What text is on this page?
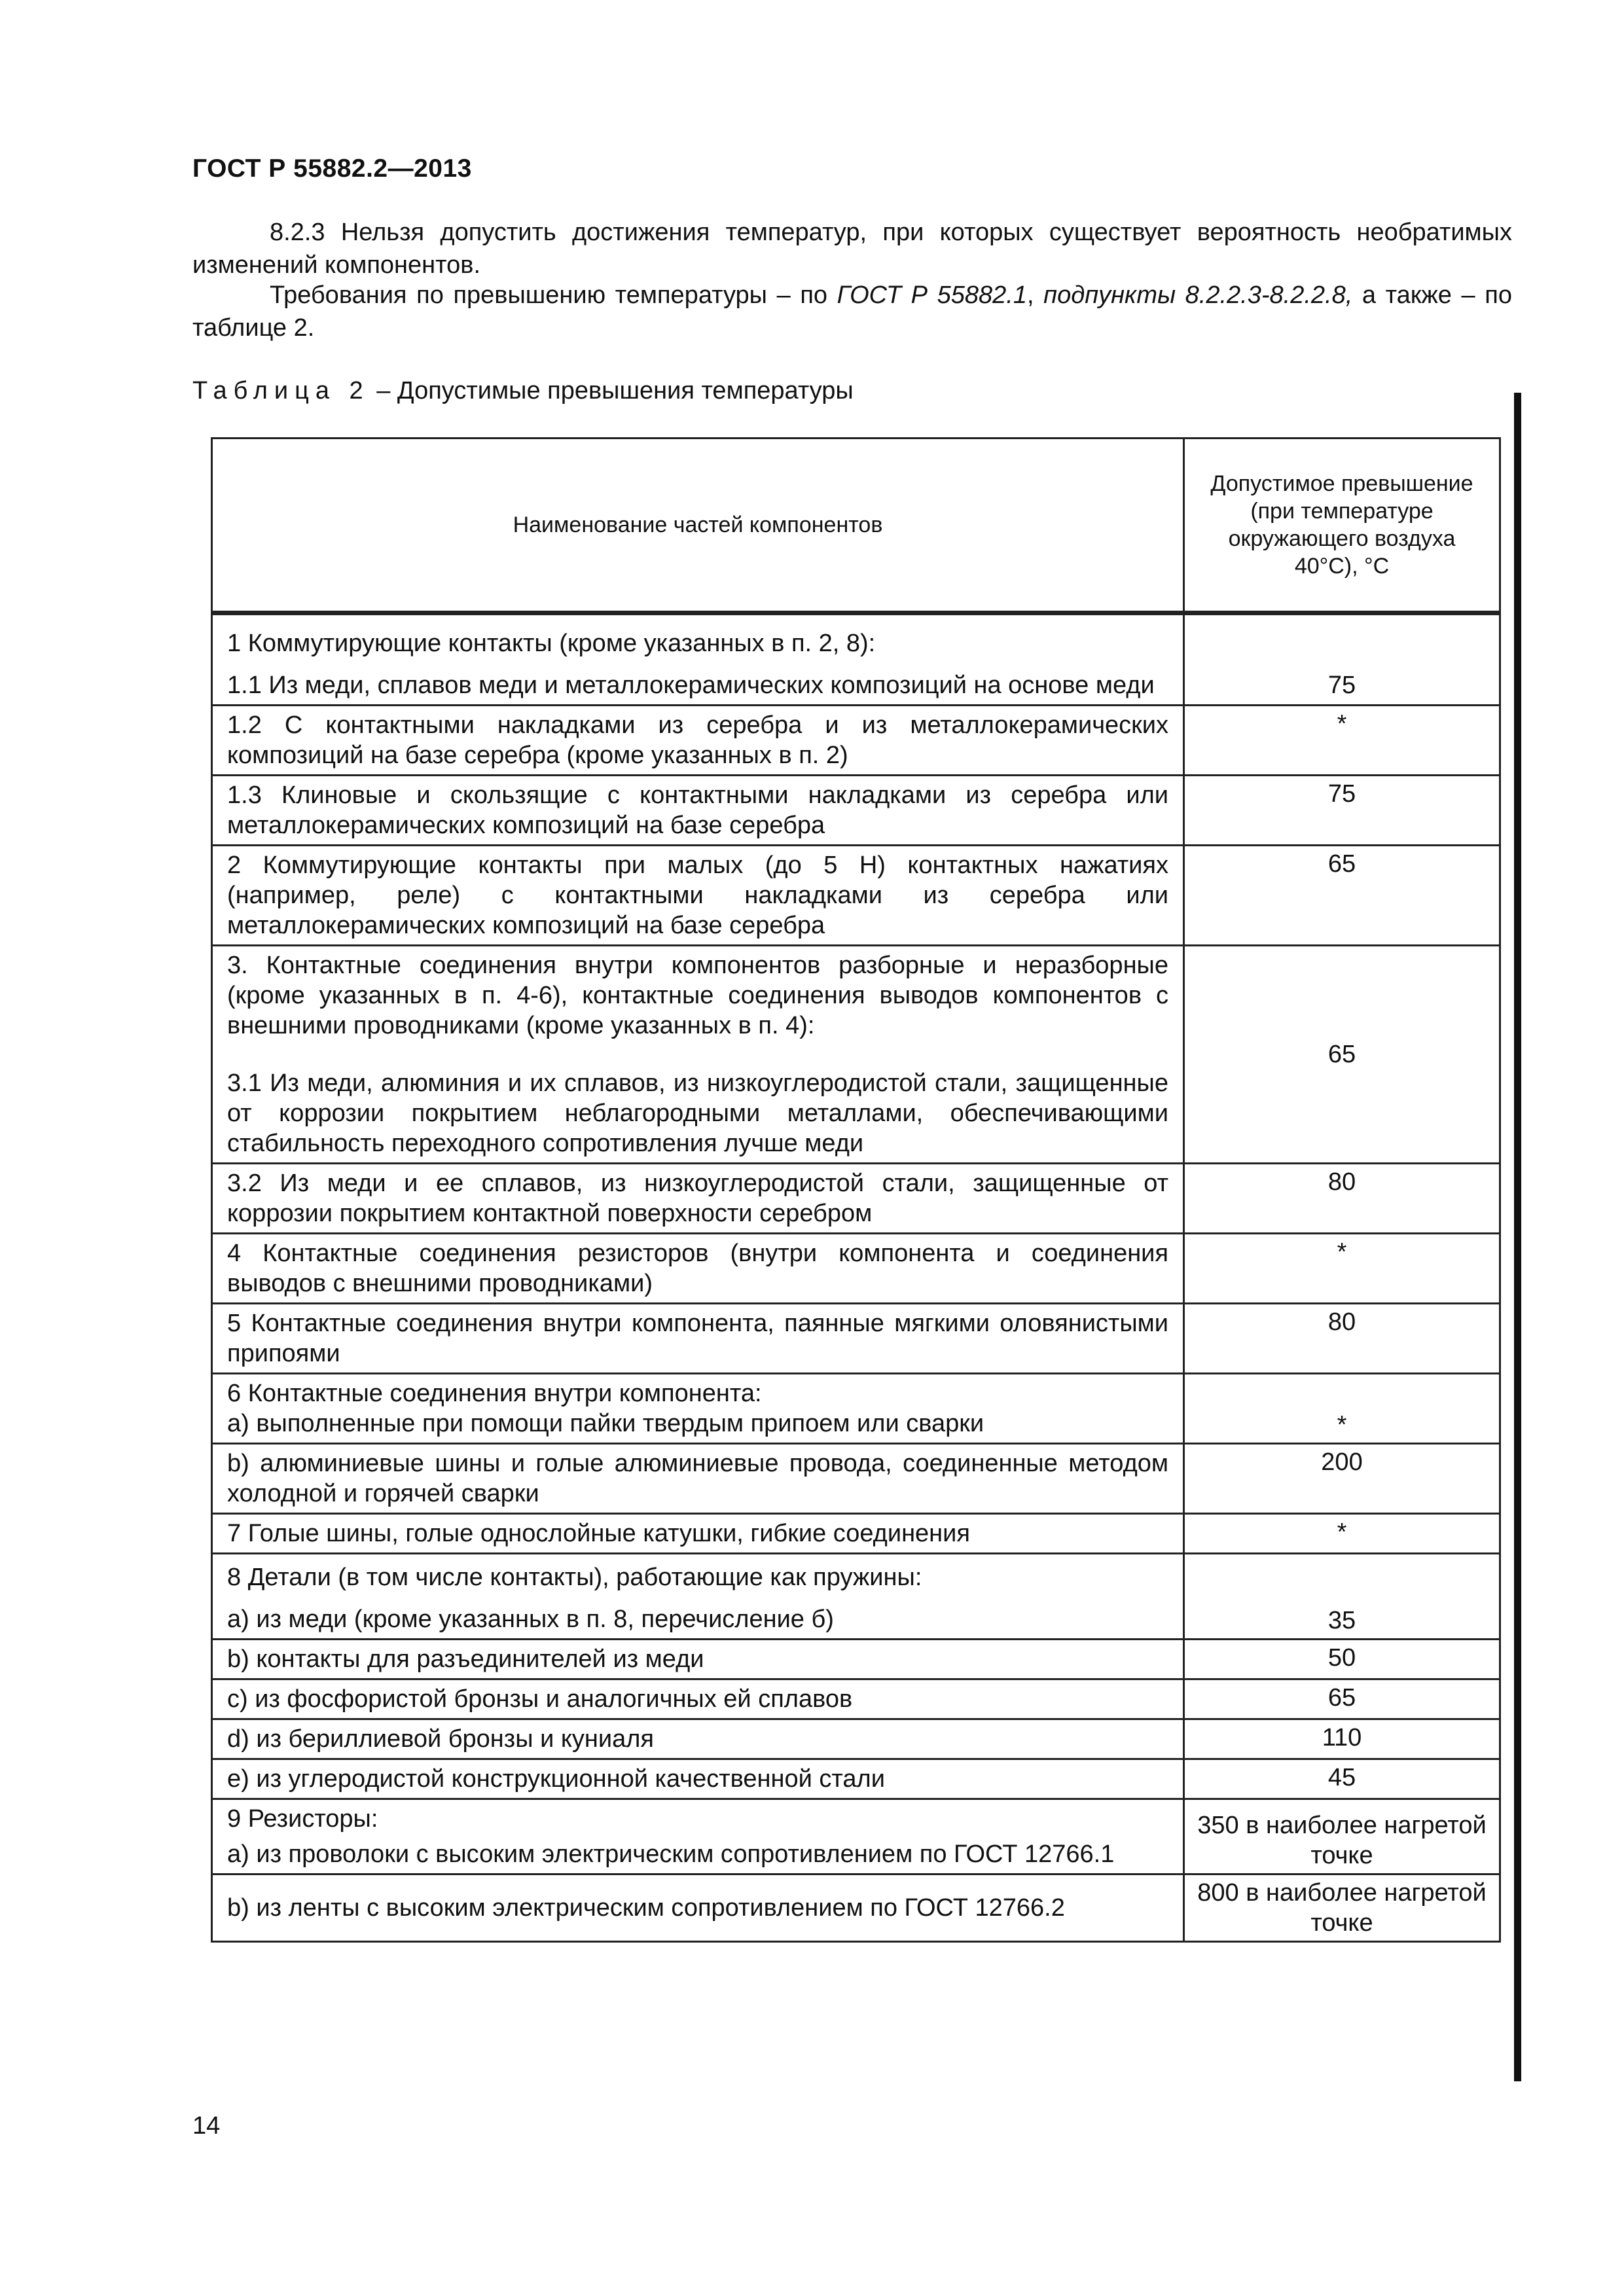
ГОСТ Р 55882.2—2013
8.2.3 Нельзя допустить достижения температур, при которых существует вероятность необратимых изменений компонентов.
Требования по превышению температуры – по ГОСТ Р 55882.1, подпункты 8.2.2.3-8.2.2.8, а также – по таблице 2.
Таблица 2 – Допустимые превышения температуры
Наименование частей компонентов	Допустимое превышение (при температуре окружающего воздуха 40°С), °С
1 Коммутирующие контакты (кроме указанных в п. 2, 8):
1.1 Из меди, сплавов меди и металлокерамических композиций на основе меди	75
1.2 С контактными накладками из серебра и из металлокерамических композиций на базе серебра (кроме указанных в п. 2)	*
1.3 Клиновые и скользящие с контактными накладками из серебра или металлокерамических композиций на базе серебра	75
2 Коммутирующие контакты при малых (до 5 Н) контактных нажатиях (например, реле) с контактными накладками из серебра или металлокерамических композиций на базе серебра	65
3. Контактные соединения внутри компонентов разборные и неразборные (кроме указанных в п. 4-6), контактные соединения выводов компонентов с внешними проводниками (кроме указанных в п. 4):
3.1 Из меди, алюминия и их сплавов, из низкоуглеродистой стали, защищенные от коррозии покрытием неблагородными металлами, обеспечивающими стабильность переходного сопротивления лучше меди	65
3.2 Из меди и ее сплавов, из низкоуглеродистой стали, защищенные от коррозии покрытием контактной поверхности серебром	80
4 Контактные соединения резисторов (внутри компонента и соединения выводов с внешними проводниками)	*
5 Контактные соединения внутри компонента, паянные мягкими оловянистыми припоями	80
6 Контактные соединения внутри компонента:
а) выполненные при помощи пайки твердым припоем или сварки	*
b) алюминиевые шины и голые алюминиевые провода, соединенные методом холодной и горячей сварки	200
7 Голые шины, голые однослойные катушки, гибкие соединения	*
8 Детали (в том числе контакты), работающие как пружины:
а) из меди (кроме указанных в п. 8, перечисление б)	35
b) контакты для разъединителей из меди	50
c) из фосфористой бронзы и аналогичных ей сплавов	65
d) из бериллиевой бронзы и куниаля	110
е) из углеродистой конструкционной качественной стали	45
9 Резисторы:
а) из проволоки с высоким электрическим сопротивлением по ГОСТ 12766.1	350 в наиболее нагретой точке
b) из ленты с высоким электрическим сопротивлением по ГОСТ 12766.2	800 в наиболее нагретой точке
14
